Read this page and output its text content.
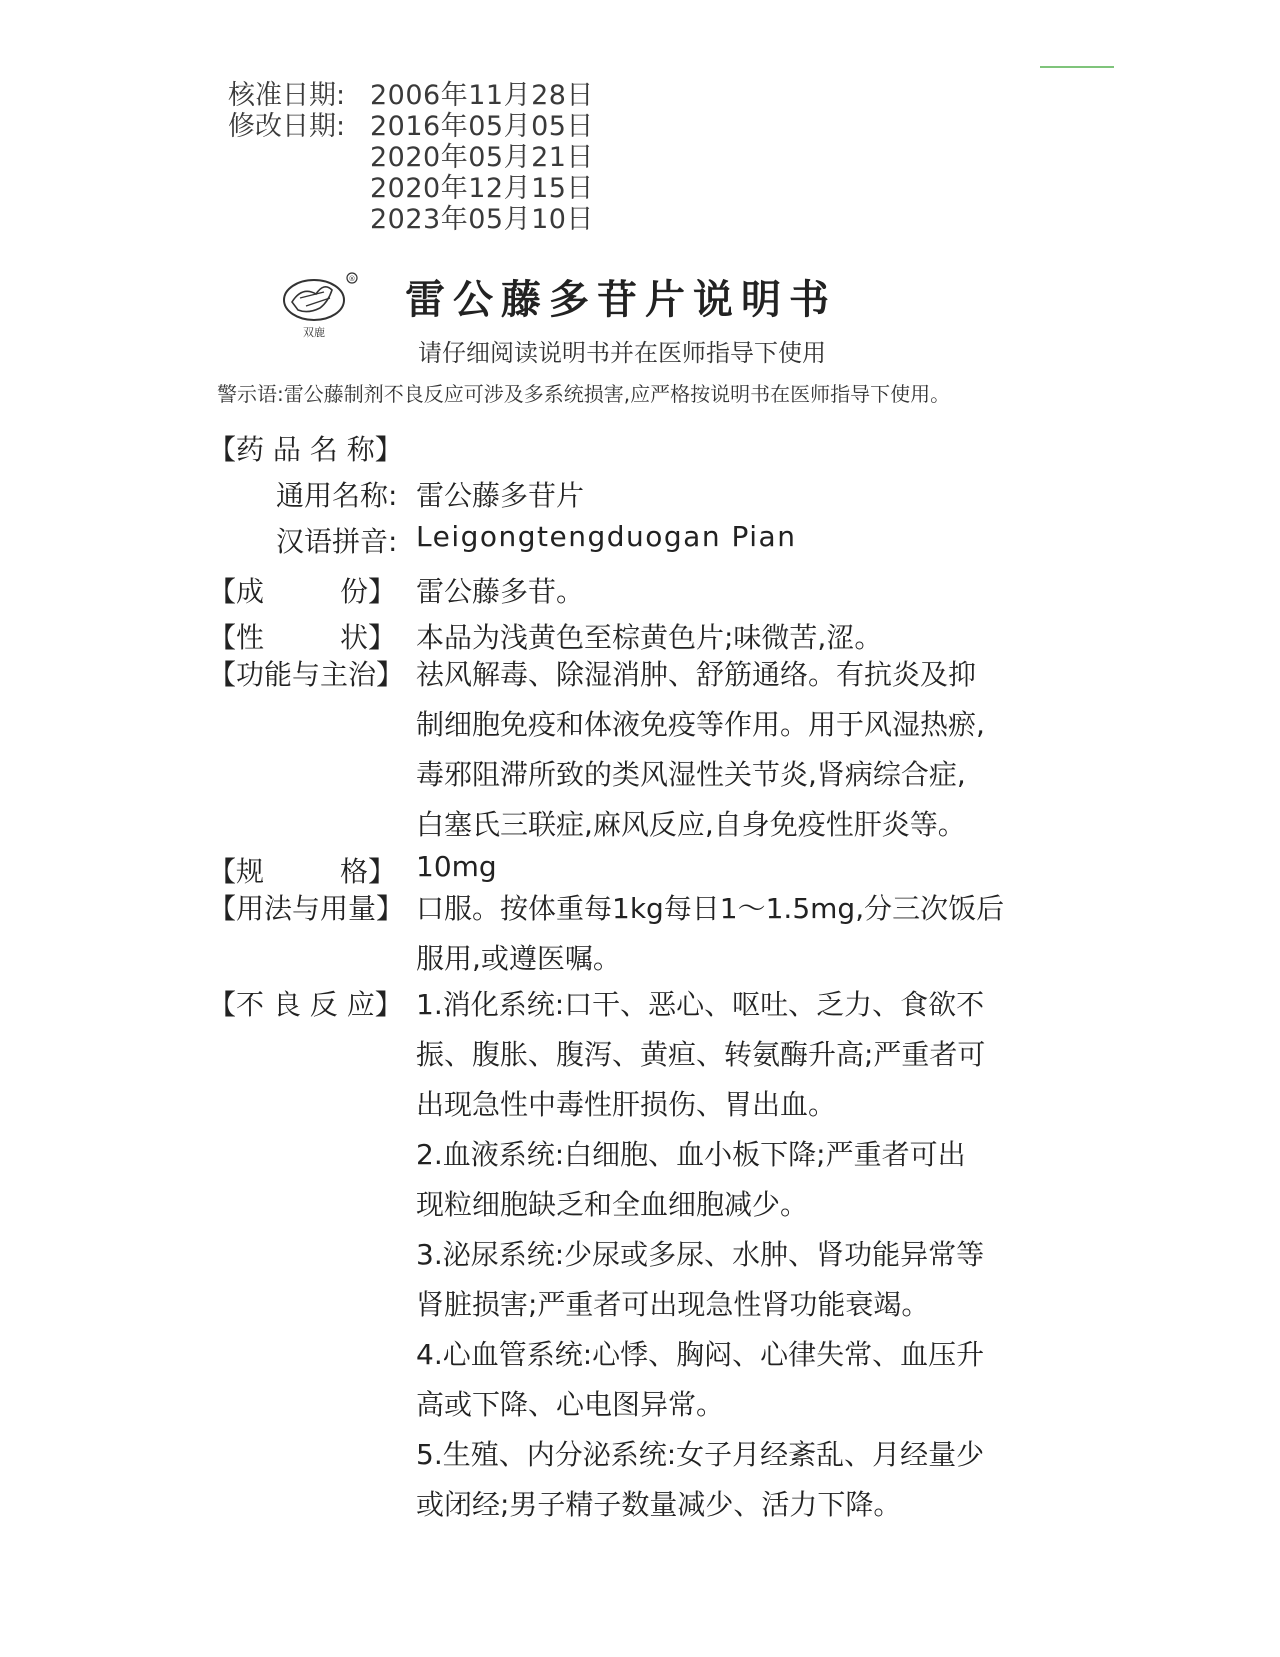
核准日期: 2006年11月28日
修改日期: 2016年05月05日
2020年05月21日
2020年12月15日
2023年05月10日
®
双鹿
雷公藤多苷片说明书
请仔细阅读说明书并在医师指导下使用
警示语:雷公藤制剂不良反应可涉及多系统损害,应严格按说明书在医师指导下使用。
【药 品 名 称】
通用名称: 雷公藤多苷片
汉语拼音: Leigongtengduogan Pian
【成	份】 雷公藤多苷。
【性	状】 本品为浅黄色至棕黄色片;味微苦,涩。
【功能与主治】 祛风解毒、除湿消肿、舒筋通络。有抗炎及抑

制细胞免疫和体液免疫等作用。用于风湿热瘀,

毒邪阻滞所致的类风湿性关节炎,肾病综合症,

白塞氏三联症,麻风反应,自身免疫性肝炎等。

【规	格】 10mg
【用法与用量】 口服。按体重每1kg每日1～1.5mg,分三次饭后

服用,或遵医嘱。

【不 良 反 应】 1.消化系统:口干、恶心、呕吐、乏力、食欲不

振、腹胀、腹泻、黄疸、转氨酶升高;严重者可

出现急性中毒性肝损伤、胃出血。

2.血液系统:白细胞、血小板下降;严重者可出

现粒细胞缺乏和全血细胞减少。

3.泌尿系统:少尿或多尿、水肿、肾功能异常等

肾脏损害;严重者可出现急性肾功能衰竭。

4.心血管系统:心悸、胸闷、心律失常、血压升

高或下降、心电图异常。

5.生殖、内分泌系统:女子月经紊乱、月经量少

或闭经;男子精子数量减少、活力下降。
